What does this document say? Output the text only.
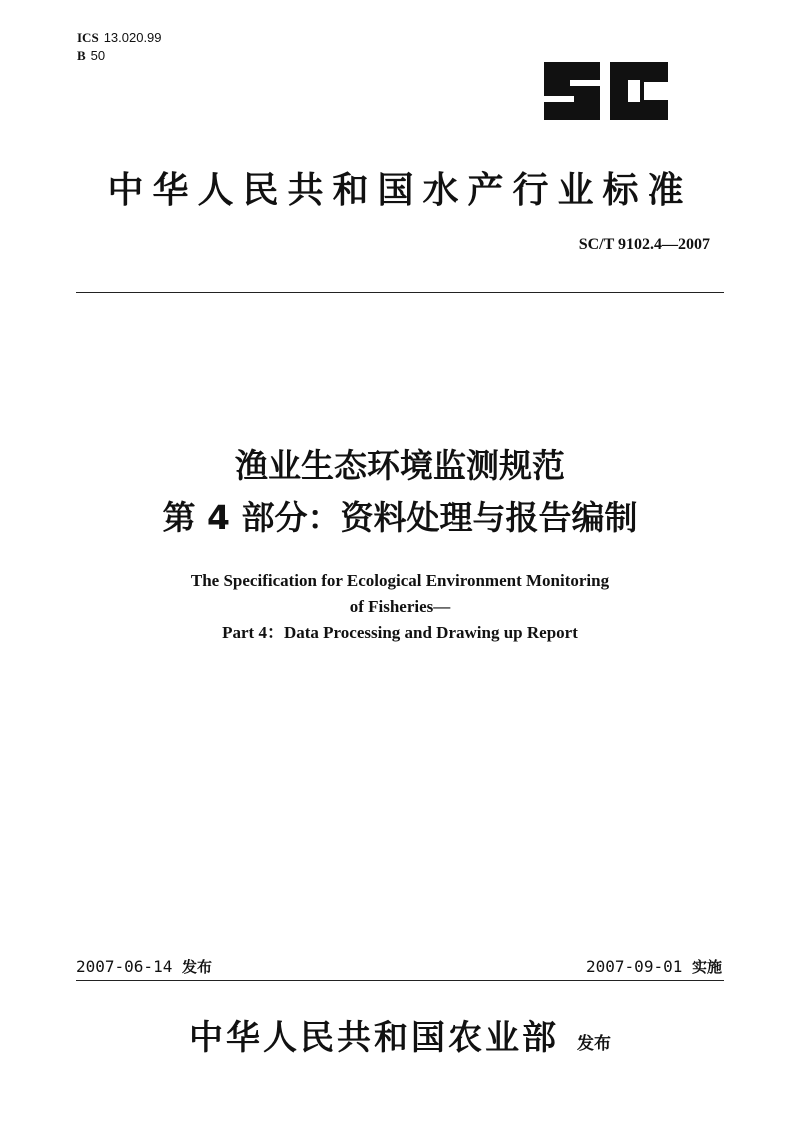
ICS 13.020.99
B 50
中华人民共和国水产行业标准
SC/T 9102.4—2007
渔业生态环境监测规范
第 4 部分：资料处理与报告编制
The Specification for Ecological Environment Monitoring
of Fisheries—
Part 4：Data Processing and Drawing up Report
2007-06-14 发布	2007-09-01 实施
中华人民共和国农业部 发布
